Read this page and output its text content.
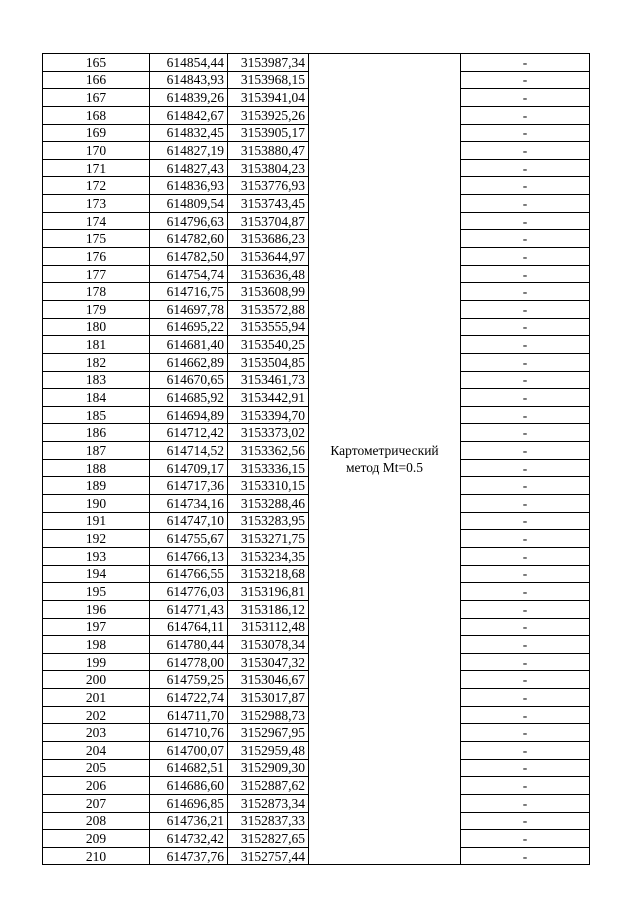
165	614854,44	3153987,34	Картометрический метод Mt=0.5	-
166	614843,93	3153968,15		-
167	614839,26	3153941,04		-
168	614842,67	3153925,26		-
169	614832,45	3153905,17		-
170	614827,19	3153880,47		-
171	614827,43	3153804,23		-
172	614836,93	3153776,93		-
173	614809,54	3153743,45		-
174	614796,63	3153704,87		-
175	614782,60	3153686,23		-
176	614782,50	3153644,97		-
177	614754,74	3153636,48		-
178	614716,75	3153608,99		-
179	614697,78	3153572,88		-
180	614695,22	3153555,94		-
181	614681,40	3153540,25		-
182	614662,89	3153504,85		-
183	614670,65	3153461,73		-
184	614685,92	3153442,91		-
185	614694,89	3153394,70		-
186	614712,42	3153373,02		-
187	614714,52	3153362,56		-
188	614709,17	3153336,15		-
189	614717,36	3153310,15		-
190	614734,16	3153288,46		-
191	614747,10	3153283,95		-
192	614755,67	3153271,75		-
193	614766,13	3153234,35		-
194	614766,55	3153218,68		-
195	614776,03	3153196,81		-
196	614771,43	3153186,12		-
197	614764,11	3153112,48		-
198	614780,44	3153078,34		-
199	614778,00	3153047,32		-
200	614759,25	3153046,67		-
201	614722,74	3153017,87		-
202	614711,70	3152988,73		-
203	614710,76	3152967,95		-
204	614700,07	3152959,48		-
205	614682,51	3152909,30		-
206	614686,60	3152887,62		-
207	614696,85	3152873,34		-
208	614736,21	3152837,33		-
209	614732,42	3152827,65		-
210	614737,76	3152757,44		-
